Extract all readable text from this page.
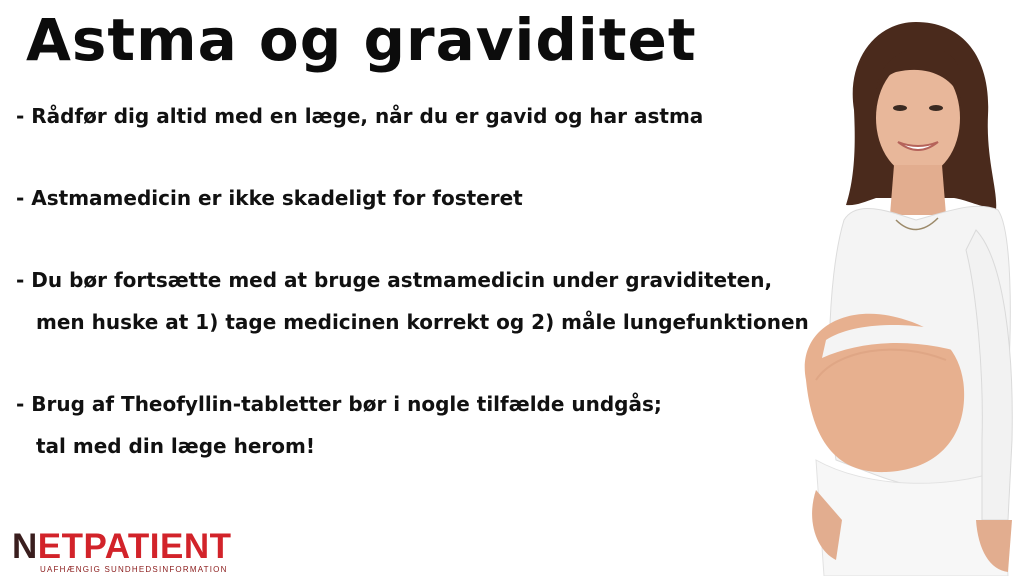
Astma og graviditet
- Rådfør dig altid med en læge, når du er gavid og har astma
- Astmamedicin er ikke skadeligt for fosteret
- Du bør fortsætte med at bruge astmamedicin under graviditeten,
men huske at 1) tage medicinen korrekt og 2) måle lungefunktionen
- Brug af Theofyllin-tabletter bør i nogle tilfælde undgås;
tal med din læge herom!
NETPATIENT
UAFHÆNGIG SUNDHEDSINFORMATION
